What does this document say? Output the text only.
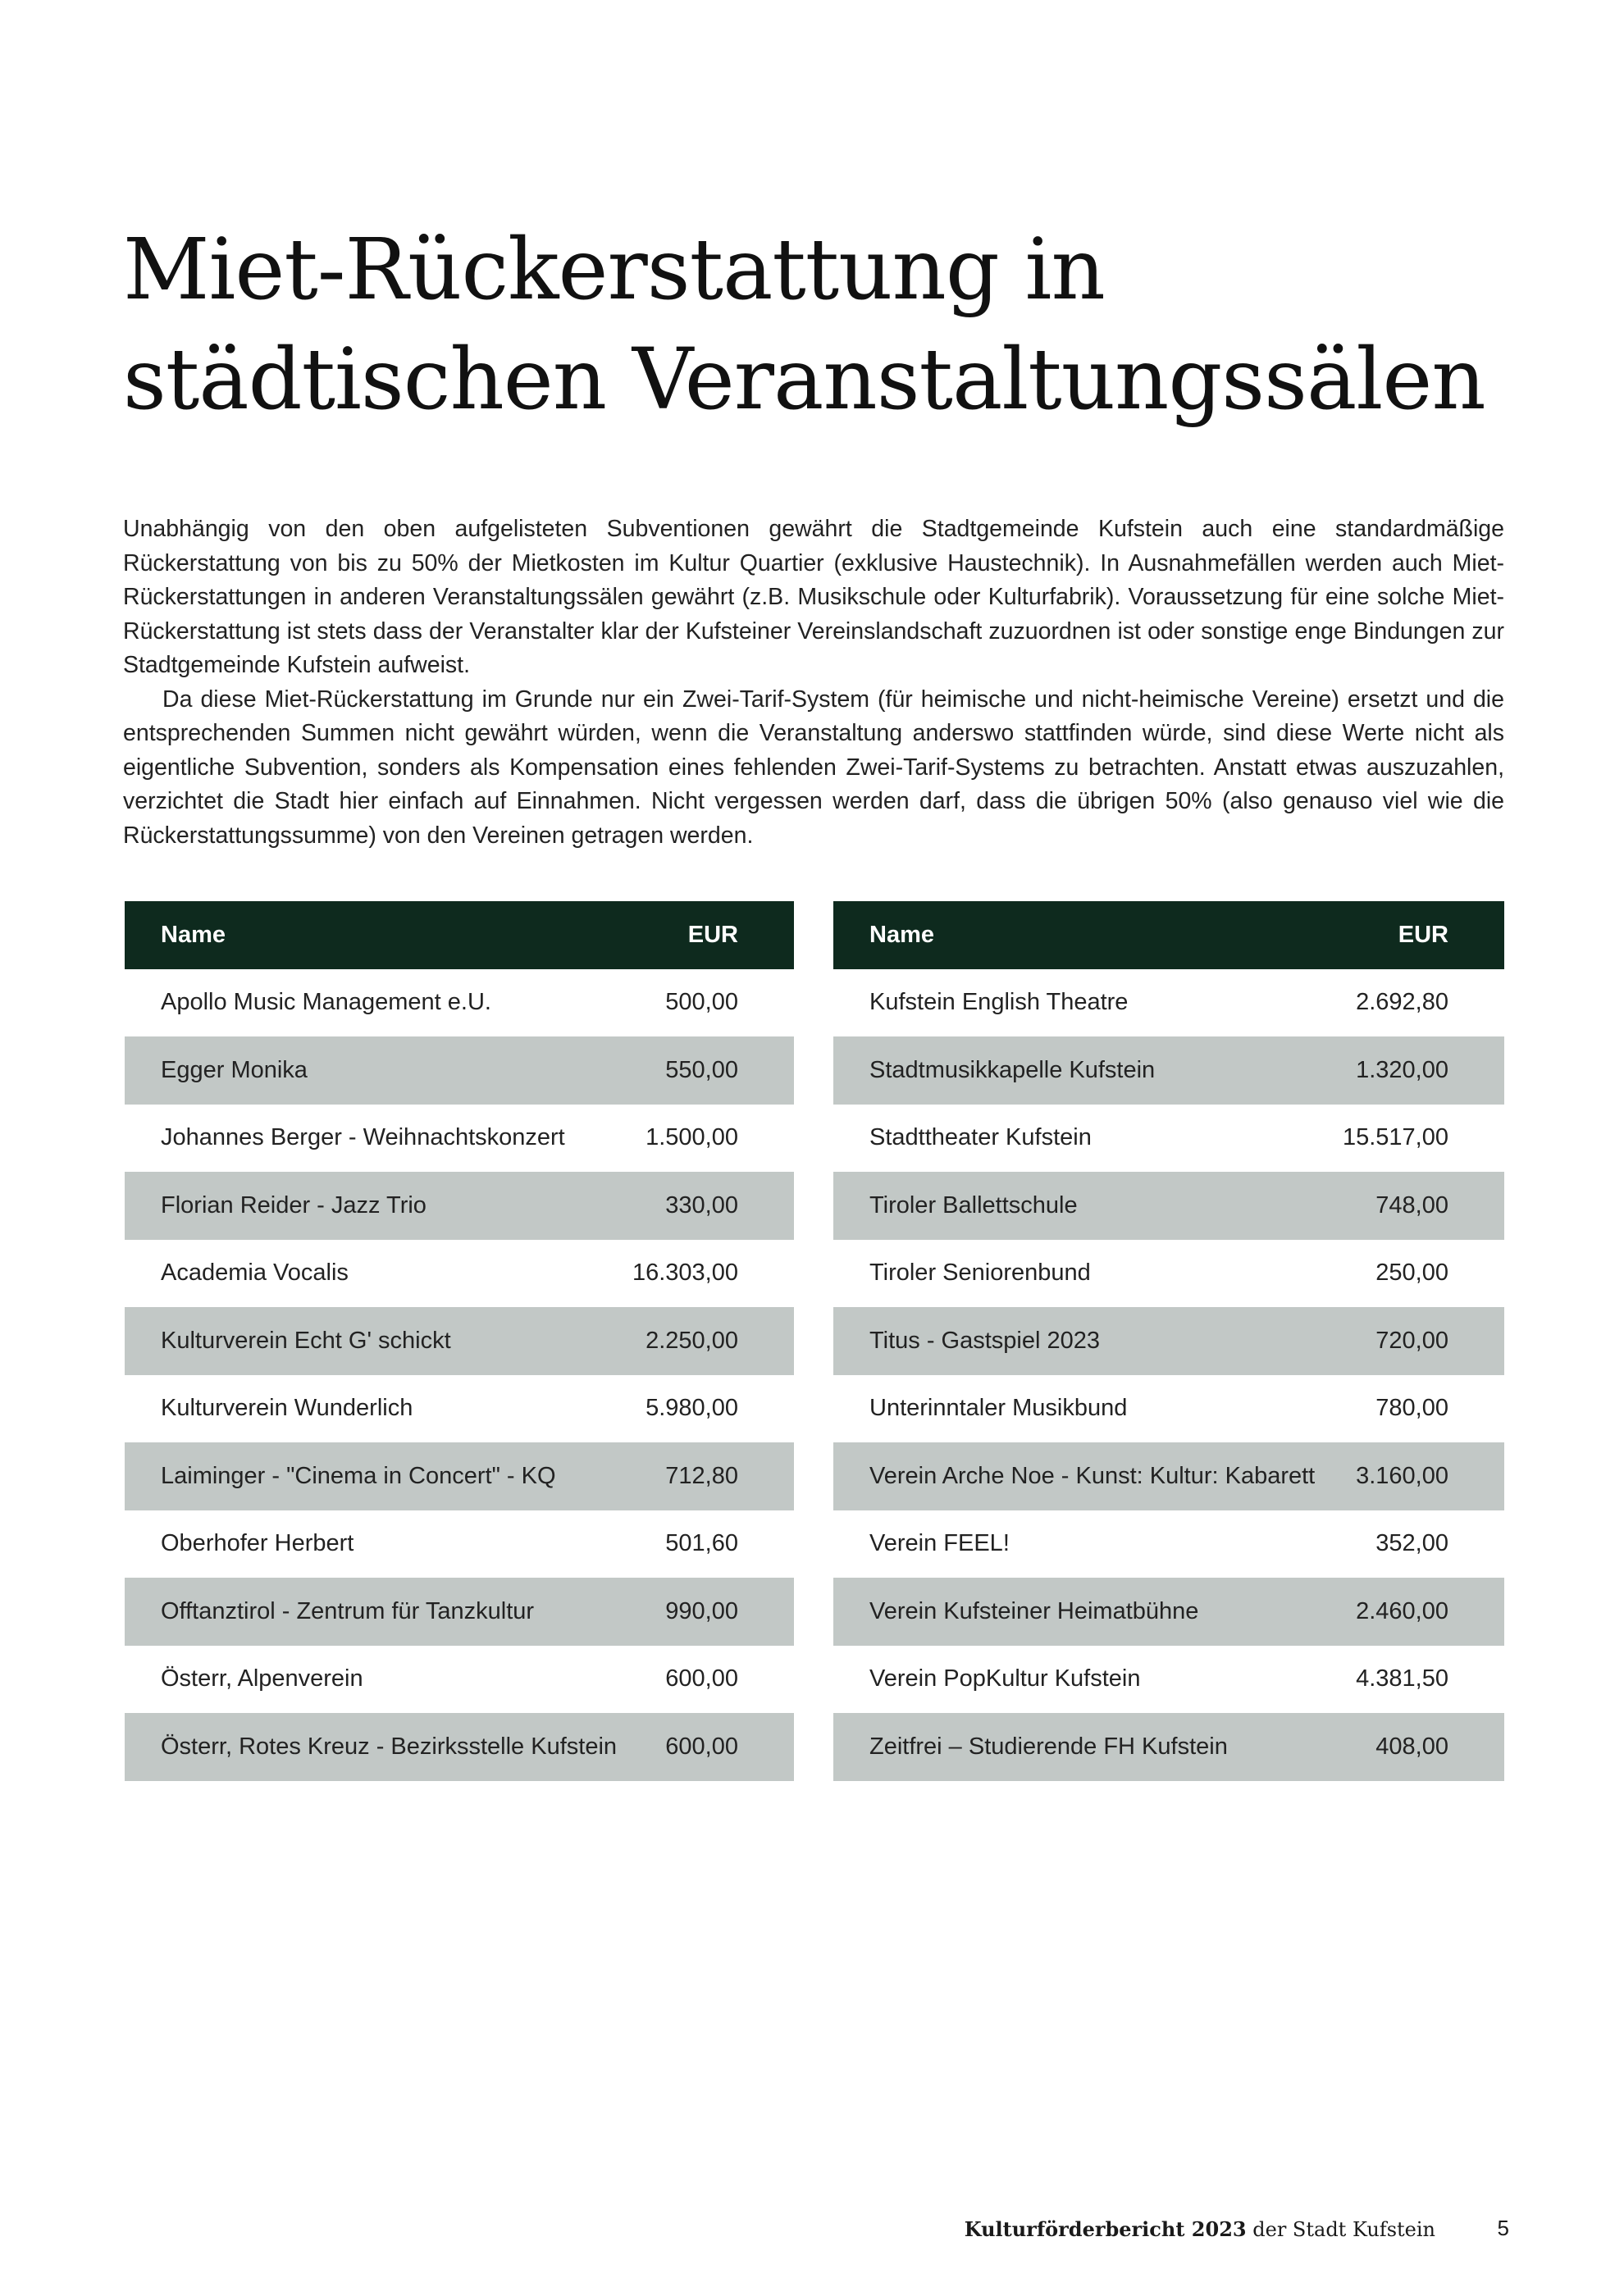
Miet-Rückerstattung in
städtischen Veranstaltungssälen

Unabhängig von den oben aufgelisteten Subventionen gewährt die Stadtgemeinde Kufstein auch eine standardmäßige Rückerstattung von bis zu 50% der Mietkosten im Kultur Quartier (exklusive Haustechnik). In Ausnahmefällen werden auch Miet-Rückerstattungen in anderen Veranstaltungssälen gewährt (z.B. Musikschule oder Kulturfabrik). Voraussetzung für eine solche Miet-Rückerstattung ist stets dass der Veranstalter klar der Kufsteiner Vereinslandschaft zuzuordnen ist oder sonstige enge Bindungen zur Stadtgemeinde Kufstein aufweist.

Da diese Miet-Rückerstattung im Grunde nur ein Zwei-Tarif-System (für heimische und nicht-heimische Vereine) ersetzt und die entsprechenden Summen nicht gewährt würden, wenn die Veranstaltung anderswo stattfinden würde, sind diese Werte nicht als eigentliche Subvention, sonders als Kompensation eines fehlenden Zwei-Tarif-Systems zu betrachten. Anstatt etwas auszuzahlen, verzichtet die Stadt hier einfach auf Einnahmen. Nicht vergessen werden darf, dass die übrigen 50% (also genauso viel wie die Rückerstattungssumme) von den Vereinen getragen werden.

Name	EUR
Apollo Music Management e.U.	500,00
Egger Monika	550,00
Johannes Berger - Weihnachtskonzert	1.500,00
Florian Reider - Jazz Trio	330,00
Academia Vocalis	16.303,00
Kulturverein Echt G' schickt	2.250,00
Kulturverein Wunderlich	5.980,00
Laiminger - "Cinema in Concert" - KQ	712,80
Oberhofer Herbert	501,60
Offtanztirol - Zentrum für Tanzkultur	990,00
Österr, Alpenverein	600,00
Österr, Rotes Kreuz - Bezirksstelle Kufstein	600,00
Name	EUR
Kufstein English Theatre	2.692,80
Stadtmusikkapelle Kufstein	1.320,00
Stadttheater Kufstein	15.517,00
Tiroler Ballettschule	748,00
Tiroler Seniorenbund	250,00
Titus - Gastspiel 2023	720,00
Unterinntaler Musikbund	780,00
Verein Arche Noe - Kunst: Kultur: Kabarett	3.160,00
Verein FEEL!	352,00
Verein Kufsteiner Heimatbühne	2.460,00
Verein PopKultur Kufstein	4.381,50
Zeitfrei – Studierende FH Kufstein	408,00
Kulturförderbericht 2023 der Stadt Kufstein	5
